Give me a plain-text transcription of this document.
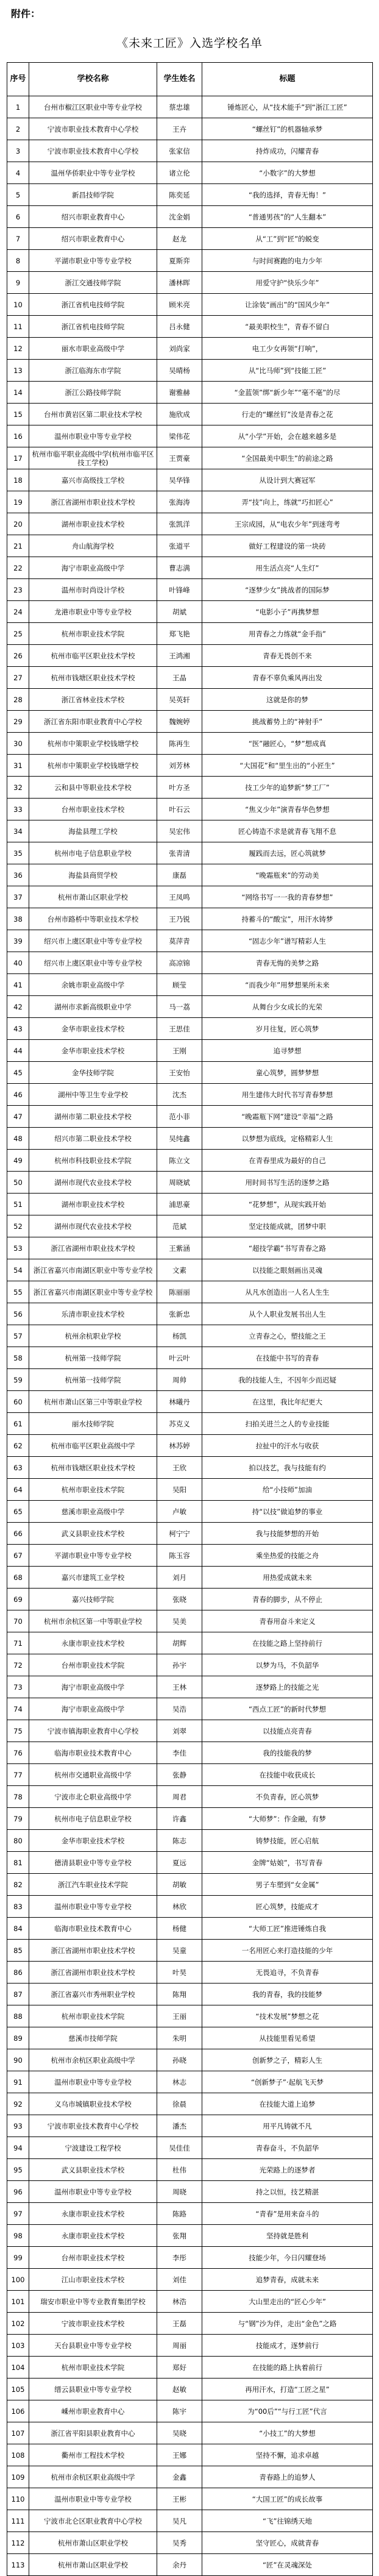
附件：
《未来工匠》入选学校名单
序号	学校名称	学生姓名	标题
1	台州市椒江区职业中等专业学校	蔡忠雄	锤炼匠心，从“技术能手”到“浙江工匠”
2	宁波市职业技术教育中心学校	王卉	“螺丝钉”的机器轴承梦
3	宁波市职业技术教育中心学校	张家信	持炸成功，闪耀青春
4	温州华侨职业中等专业学校	诸立伦	“小数字”的大梦想
5	新昌技师学院	陈奕延	“我的选择，青春无悔！”
6	绍兴市职业教育中心	沈金娟	“普通男孩”的“人生翻本”
7	绍兴市职业教育中心	赵龙	从“工”到“匠”的蜕变
8	平湖市职业中等专业学校	夏斯弈	与时间赛跑的电力少年
9	浙江交通技师学院	潘林晖	用爱守护“快乐少年”
10	浙江省机电技师学院	顾米亮	让涂装“画出”的“国风少年”
11	浙江省机电技师学院	吕永健	“最美职校生”，青春不留白
12	丽水市职业高级中学	刘尚家	电工少女再领“打响”，
13	浙江临海东市学院	吴晴杨	从“比马师”到“技能工匠”
14	浙江公路技师学院	谢雅赫	“金蓝领”绑“新少年”“毫不毫”的尽
15	台州市黄岩区第二职业技术学校	施欣成	行走的“螺丝钉”汝是青春之花
16	温州市职业中等专业学校	梁伟花	从“小学”开始，会在越来越多是
17	杭州市临平职业高级中学(杭州市临平区技工学校)	王贾豪	“全国最美中职生”的前途之路
18	嘉兴市高级技工学校	吴华锋	从设计到大赛冠军
19	浙江省湖州市职业技术学校	张海涛	弄“技”向上，练就“巧扣匠心”
20	湖州市职业技术学校	张凯洋	王宗成园，从“电农少年”到迷弯考
21	舟山航海学校	张道平	做好工程建设的第一块砖
22	海宁市职业高级中学	曹志满	用生活点亮“人生灯”
23	温州市时尚设计学校	叶锋峰	“逐梦少女”挑战者的国际梦
24	龙港市职业中等专业学校	胡斌	“电影小子”再携梦想
25	杭州市职业技术学院	郑飞艳	用青春之力练就“金手指”
26	杭州市临平区职业技术学校	王鸿湘	青春无畏创不来
27	杭州市钱塘区职业技术学校	王晶	青春不辜负乘风再出发
28	浙江省林业技术学校	吴英轩	这就是你的梦
29	浙江省东阳市职业教育中心学校	魏婉婷	挑战蓄势上的“神射手”
30	杭州市中策职业学校钱塘学校	陈再生	“医”融匠心，“梦”想成真
31	杭州市中策职业学校钱塘学校	刘芳林	“大国花”和“里生出的“小匠生”
32	云和县中等职业技术学校	叶方圣	技工少年的追梦新“梦工厂”
33	台州市职业技术学校	叶石云	“焦义少年”演青春华色梦想
34	海盐县理工学校	吴宏伟	匠心铸造不求是就青春飞翔不息
35	杭州市电子信息职业学校	张青清	履践而去远，匠心筑就梦
36	海盐县商贸学校	康磊	“晚霜瓶来”的劳动美
37	杭州市萧山区职业学校	王凤鸣	“网络书写一一我的青春梦想”
38	台州市路桥中等职业技术学校	王乃锐	持蓄斗的“酸宝”，用汗水铸梦
39	绍兴市上虞区职业中等专业学校	莫萍青	“固志少年”谱写精彩人生
40	绍兴市上虞区职业中等专业学校	高凉锦	青春无悔的美梦之路
41	余姚市职业高级中学	顾莹	“而我少年”用梦想果所未来
42	湖州市求新高级职业中学	马一荔	从舞台少女成长的光荣
43	金华市职业技术学校	王思佳	岁月往复，匠心筑梦
44	金华市职业技术学校	王刚	追寻梦想
45	金华技师学院	王安怡	童心筑梦，圆梦梦想
46	湖州中等卫生专业学校	沈杰	用生建伟大时代书写青春梦想
47	湖州市第二职业技术学校	范小菲	“晚霜瓶下网”建设“幸福”之路
48	绍兴市第二职业技术学校	吴纯鑫	以梦想为底线，定格精彩人生
49	杭州市科技职业技术学院	陈立文	在青春里成为最好的自己
50	湖州市现代农业技术学校	周晓斌	用时间书写生活的逐梦之路
51	湖州市职业技术学校	浦思豪	“花梦想”，从现实践开始
52	湖州市现代农业技术学校	范斌	坚定技能成就，团梦中职
53	浙江省湖州市职业技术学校	王紫涵	“超技学霸”书写青春之路
54	浙江省嘉兴市南湖区职业中等专业学校	文素	以技能之眼刻画出灵魂
55	浙江省嘉兴市南湖区职业中等专业学校	陈丽丽	从凡水创造出一人名人生生
56	乐清市职业技术学校	张新忠	从个人职业发展书出人生
57	杭州余杭职业学校	杨凯	立青春之心，塑技能之王
58	杭州第一技师学院	叶云叶	在技能中书写的青春
59	杭州第一技师学院	周帅	我的技能人生，不因年少而迟疑
60	杭州市萧山区第三中等职业学校	林曦丹	在这里，我比年纪更大
61	丽水技师学院	苏克义	扫拍关进兰之人的专业技能
62	杭州市临平区职业高级中学	林苏婷	拉扯中的汗水与收获
63	杭州市钱塘区职业技术学校	王欣	拍以技艺，我与技能有约
64	杭州市职业技术学院	吴阳	给“小技师”加油
65	慈溪市职业高级中学	卢敏	持“以技”做追梦的事业
66	武义县职业技术学校	柯宁宁	我与技能梦想的开始
67	平湖市职业中等专业学校	陈玉容	乘坐热爱的技能之舟
68	嘉兴市建筑工业学校	刘月	用热爱成就未来
69	嘉兴技师学院	张晓	青春的脚步，从不停止
70	杭州市余杭区第一中等职业学校	吴美	青春用奋斗来定义
71	永康市职业技术学校	胡辉	在技能之路上坚持前行
72	台州市职业技术学院	孙宇	以梦为马，不负韶华
73	海宁市职业高级中学	王林	逐梦路上的技能之光
74	海宁市职业高级中学	吴浩	“西点工匠”的新时代梦想
75	宁波市镇海职业教育中心学校	刘翠	以技能点亮青春
76	临海市职业技术教育中心	李佳	我的技能我的梦
77	杭州市交通职业高级中学	张静	在技能中收获成长
78	宁波市北仑职业高级中学	周君	不负青春，匠心筑梦
79	杭州市电子信息职业学校	许鑫	“大师梦”：作金融，有梦
80	金华市职业技术学校	陈志	铸梦技能，匠心启航
81	德清县职业中等专业学校	夏远	金牌“姑娘”，书写青春
82	浙江汽车职业技术学院	胡敏	男子车塑到“女金属”
83	温州市职业中等专业学校	林欣	匠心筑梦，技能成才
84	临海市职业技术教育中心	杨健	“大师工匠”推进锤炼自我
85	浙江省湖州市职业技术学校	吴童	一名用匠心来打造技能的少年
86	浙江省湖州市职业技术学校	叶昊	无畏追寻，不负青春
87	浙江省嘉兴市秀州职业学校	陈翔	我的青春，我的技能梦
88	杭州市职业技术学院	王丽	“技术发展”梦想之花
89	慈溪市技师学院	朱明	从技能里看见希望
90	杭州市余杭区职业高级中学	孙晓	创新梦之子，精彩人生
91	温州市职业中等专业学校	林志	“创新梦子”·起航飞天梦
92	义乌市城镇职业技术学校	徐晨	在技能大道上追梦
93	宁波市职业技术教育中心学校	潘杰	用平凡铸就不凡
94	宁波建设工程学校	吴佳佳	青春奋斗，不负韶华
95	武义县职业技术学校	杜伟	光荣路上的逐梦者
96	温州市职业中等专业学校	周晓	持之以恒，技艺精湛
97	永康市职业技术学校	陈路	“青春”是用来奋斗的
98	永康市职业技术学校	张翔	坚持就是胜利
99	台州市职业技术学校	李彤	技能少年，今日闪耀登场
100	江山市职业技术学校	刘佳	追梦青春，成就未来
101	瑞安市职业中等专业教育集团学校	林浩	大山里走出的“匠心少年”
102	宁波市职业技术学校	王磊	与“钢”沙为伴，走出“金色”之路
103	天台县职业中等专业学校	周丽	技能成才，逐梦前行
104	杭州市职业技术学院	郑好	在技能的路上执着前行
105	缙云县职业中等专业学校	赵敏	再用汗水，打造“工匠之星”
106	嵊州市职业教育中心	陈宇	为“00后”“与行工匠”代言
107	浙江省平阳县职业教育中心	吴晓	“小技工”的大梦想
108	衢州市工程技术学校	王娜	坚持不懈，追求卓越
109	杭州市余杭区职业高级中学	金鑫	青春路上的追梦人
110	温州市职业中等专业学校	王彬	“大国工匠”的成长故事
111	宁波市北仑区职业教育中心学校	吴凡	“飞”往锦绣天地
112	杭州市萧山区职业学校	吴秀	坚守匠心，成就青春
113	杭州市萧山区职业学校	余丹	“匠”在灵魂深处
